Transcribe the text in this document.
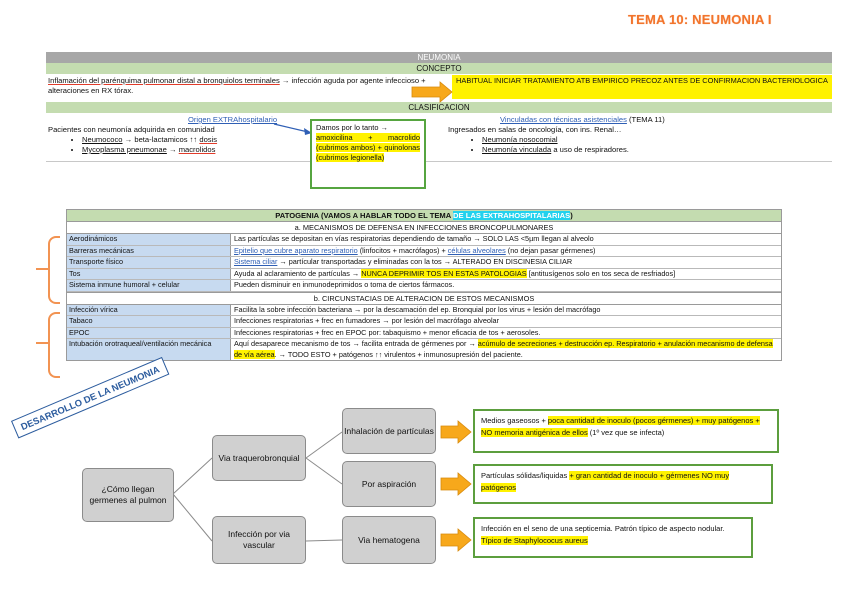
TEMA 10: NEUMONIA I
NEUMONIA
CONCEPTO
Inflamación del parénquima pulmonar distal a bronquiolos terminales → infección aguda por agente infeccioso + alteraciones en RX tórax.
HABITUAL INICIAR TRATAMIENTO ATB EMPIRICO PRECOZ ANTES DE CONFIRMACION BACTERIOLOGICA
CLASIFICACION
Origen EXTRAhospitalario
Pacientes con neumonía adquirida en comunidad
• Neumococo → beta-lactamicos ↑↑ dosis
• Mycoplasma pneumonae → macrolidos
Vinculadas con técnicas asistenciales (TEMA 11)
Ingresados en salas de oncología, con ins. Renal…
• Neumonía nosocomial
• Neumonía vinculada a uso de respiradores.
Damos por lo tanto →
amoxicilina + macrolido (cubrimos ambos) + quinolonas (cubrimos legionella)
PATOGENIA (VAMOS A HABLAR TODO EL TEMA DE LAS EXTRAHOSPITALARIAS)
a. MECANISMOS DE DEFENSA EN INFECCIONES BRONCOPULMONARES
Aerodinámicos	Las partículas se depositan en vías respiratorias dependiendo de tamaño → SOLO LAS <5µm llegan al alveolo
Barreras mecánicas	Epitelio que cubre aparato respiratorio (linfocitos + macrófagos) + células alveolares (no dejan pasar gérmenes)
Transporte físico	Sistema ciliar → partícular transportadas y eliminadas con la tos → ALTERADO EN DISCINESIA CILIAR
Tos	Ayuda al aclaramiento de partículas → NUNCA DEPRIMIR TOS EN ESTAS PATOLOGIAS [antitusígenos solo en tos seca de resfriados]
Sistema inmune humoral + celular	Pueden disminuir en inmunodeprimidos o toma de ciertos fármacos.
b. CIRCUNSTACIAS DE ALTERACION DE ESTOS MECANISMOS
Infección vírica	Facilita la sobre infección bacteriana → por la descamación del ep. Bronquial por los virus + lesión del macrófago
Tabaco	Infecciones respiratorias + frec en fumadores → por lesión del macrófago alveolar
EPOC	Infecciones respiratorias + frec en EPOC por: tabaquismo + menor eficacia de tos + aerosoles.
Intubación orotraqueal/ventilación mecánica	Aquí desaparece mecanismo de tos → facilita entrada de gérmenes por → acúmulo de secreciones + destrucción ep. Respiratorio + anulación mecanismo de defensa de vía aérea. → TODO ESTO + patógenos ↑↑ virulentos + inmunosupresión del paciente.
DESARROLLO DE LA NEUMONIA
¿Cómo llegan germenes al pulmon
Via traquerobronquial
Infección por via vascular
Inhalación de partículas
Por aspiración
Via hematogena
Medios gaseosos + poca cantidad de inoculo (pocos gérmenes) + muy patógenos + NO memoria antigénica de ellos (1º vez que se infecta)
Partículas sólidas/liquidas + gran cantidad de inoculo + gérmenes NO muy patógenos
Infección en el seno de una septicemia. Patrón típico de aspecto nodular. Típico de Staphylococus aureus
